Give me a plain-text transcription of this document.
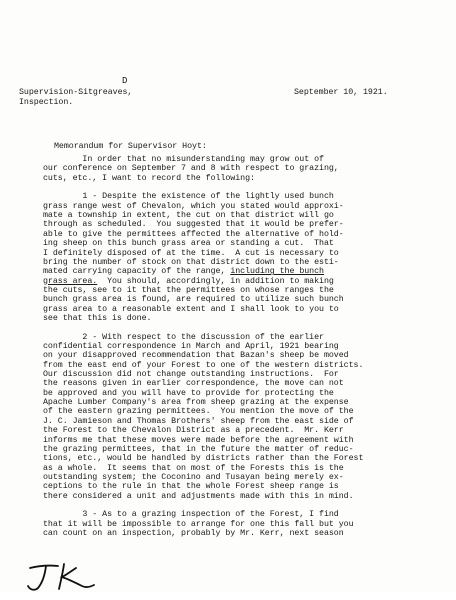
D
Supervision-Sitgreaves,
Inspection.
September 10, 1921.
Memorandum for Supervisor Hoyt:
In order that no misunderstanding may grow out of
our conference on September 7 and 8 with respect to grazing,
cuts, etc., I want to record the following:
1 - Despite the existence of the lightly used bunch
grass range west of Chevalon, which you stated would approxi-
mate a township in extent, the cut on that district will go
through as scheduled.  You suggested that it would be prefer-
able to give the permittees affected the alternative of hold-
ing sheep on this bunch grass area or standing a cut.  That
I definitely disposed of at the time.  A cut is necessary to
bring the number of stock on that district down to the esti-
mated carrying capacity of the range, including the bunch
grass area.  You should, accordingly, in addition to making
the cuts, see to it that the permittees on whose ranges the
bunch grass area is found, are required to utilize such bunch
grass area to a reasonable extent and I shall look to you to
see that this is done.
2 - With respect to the discussion of the earlier
confidential correspondence in March and April, 1921 bearing
on your disapproved recommendation that Bazan's sheep be moved
from the east end of your Forest to one of the western districts.
Our discussion did not change outstanding instructions.  For
the reasons given in earlier correspondence, the move can not
be approved and you will have to provide for protecting the
Apache Lumber Company's area from sheep grazing at the expense
of the eastern grazing permittees.  You mention the move of the
J. C. Jamieson and Thomas Brothers' sheep from the east side of
the Forest to the Chevalon District as a precedent.  Mr. Kerr
informs me that these moves were made before the agreement with
the grazing permittees, that in the future the matter of reduc-
tions, etc., would be handled by districts rather than the Forest
as a whole.  It seems that on most of the Forests this is the
outstanding system; the Coconino and Tusayan being merely ex-
ceptions to the rule in that the whole Forest sheep range is
there considered a unit and adjustments made with this in mind.
3 - As to a grazing inspection of the Forest, I find
that it will be impossible to arrange for one this fall but you
can count on an inspection, probably by Mr. Kerr, next season
